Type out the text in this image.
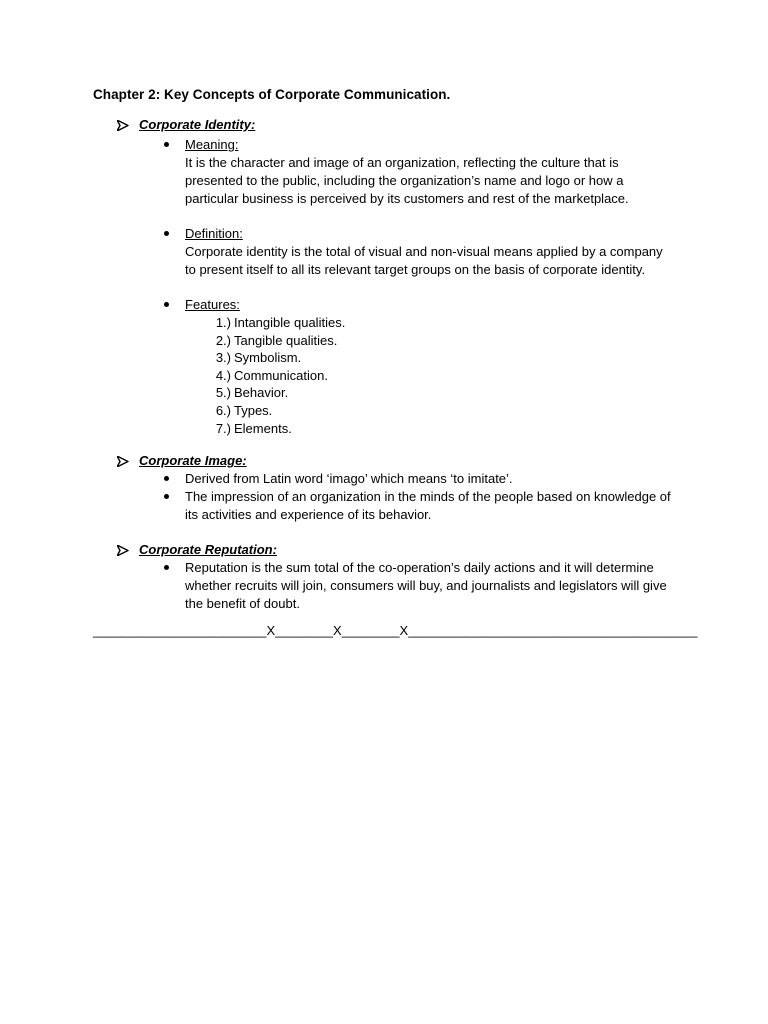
Chapter 2: Key Concepts of Corporate Communication.
Corporate Identity:
Meaning:
It is the character and image of an organization, reflecting the culture that is
presented to the public, including the organization’s name and logo or how a
particular business is perceived by its customers and rest of the marketplace.
Definition:
Corporate identity is the total of visual and non-visual means applied by a company
to present itself to all its relevant target groups on the basis of corporate identity.
Features:
1.) Intangible qualities.
2.) Tangible qualities.
3.) Symbolism.
4.) Communication.
5.) Behavior.
6.) Types.
7.) Elements.
Corporate Image:
Derived from Latin word ‘imago’ which means ‘to imitate’.
The impression of an organization in the minds of the people based on knowledge of
its activities and experience of its behavior.
Corporate Reputation:
Reputation is the sum total of the co-operation’s daily actions and it will determine
whether recruits will join, consumers will buy, and journalists and legislators will give
the benefit of doubt.
________________________X________X________X________________________________________
